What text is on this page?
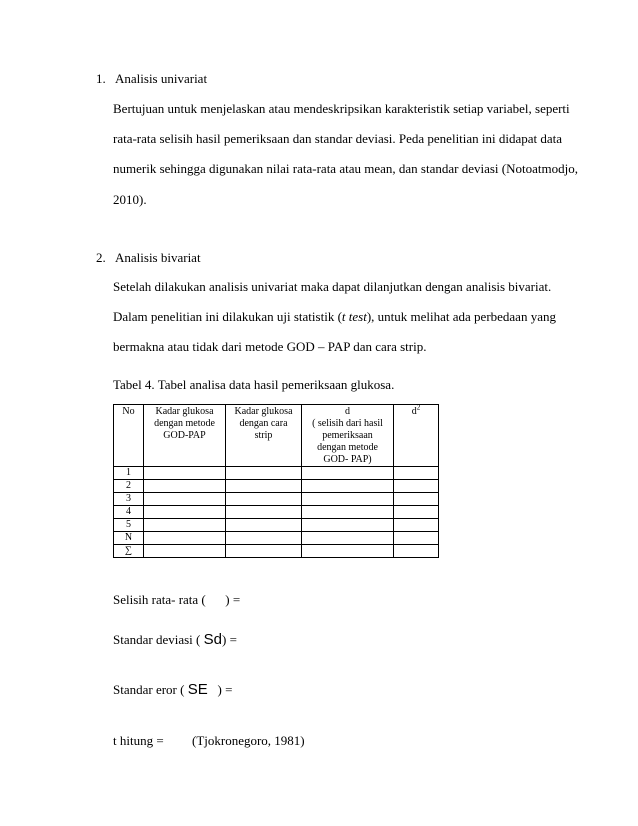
1. Analisis univariat
Bertujuan untuk menjelaskan atau mendeskripsikan karakteristik setiap variabel, seperti
rata-rata selisih hasil pemeriksaan dan standar deviasi. Peda penelitian ini didapat data
numerik sehingga digunakan nilai rata-rata atau mean, dan standar deviasi (Notoatmodjo,
2010).
2. Analisis bivariat
Setelah dilakukan analisis univariat maka dapat dilanjutkan dengan analisis bivariat.
Dalam penelitian ini dilakukan uji statistik (t test), untuk melihat ada perbedaan yang
bermakna atau tidak dari metode GOD – PAP dan cara strip.
Tabel 4. Tabel analisa data hasil pemeriksaan glukosa.
No	Kadar glukosa
dengan metode
GOD-PAP	Kadar glukosa
dengan cara
strip	d
( selisih dari hasil
pemeriksaan
dengan metode
GOD- PAP)	$d^2$
1				
2				
3				
4				
5				
N				
∑				
Selisih rata- rata (      ) =
Standar deviasi ( Sd) =
Standar eror ( SE ) =
t hitung = (Tjokronegoro, 1981)
